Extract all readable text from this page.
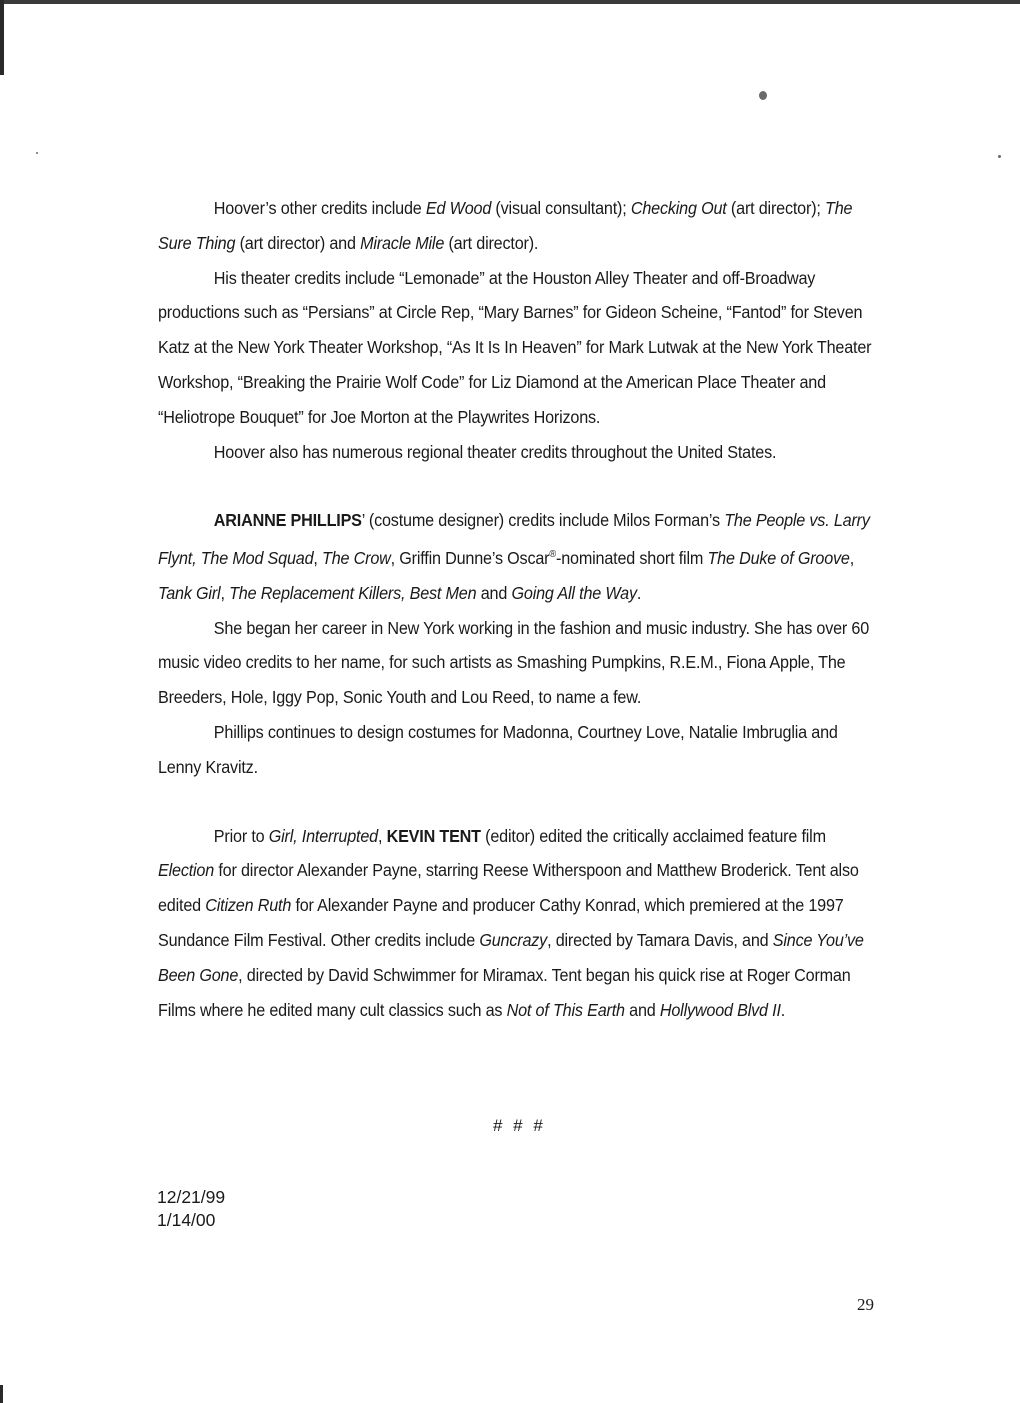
Hoover’s other credits include Ed Wood (visual consultant); Checking Out (art director); The Sure Thing (art director) and Miracle Mile (art director).

His theater credits include “Lemonade” at the Houston Alley Theater and off-Broadway productions such as “Persians” at Circle Rep, “Mary Barnes” for Gideon Scheine, “Fantod” for Steven Katz at the New York Theater Workshop, “As It Is In Heaven” for Mark Lutwak at the New York Theater Workshop, “Breaking the Prairie Wolf Code” for Liz Diamond at the American Place Theater and “Heliotrope Bouquet” for Joe Morton at the Playwrites Horizons.

Hoover also has numerous regional theater credits throughout the United States.

ARIANNE PHILLIPS’ (costume designer) credits include Milos Forman’s The People vs. Larry Flynt, The Mod Squad, The Crow, Griffin Dunne’s Oscar®-nominated short film The Duke of Groove, Tank Girl, The Replacement Killers, Best Men and Going All the Way.

She began her career in New York working in the fashion and music industry. She has over 60 music video credits to her name, for such artists as Smashing Pumpkins, R.E.M., Fiona Apple, The Breeders, Hole, Iggy Pop, Sonic Youth and Lou Reed, to name a few.

Phillips continues to design costumes for Madonna, Courtney Love, Natalie Imbruglia and Lenny Kravitz.

Prior to Girl, Interrupted, KEVIN TENT (editor) edited the critically acclaimed feature film Election for director Alexander Payne, starring Reese Witherspoon and Matthew Broderick. Tent also edited Citizen Ruth for Alexander Payne and producer Cathy Konrad, which premiered at the 1997 Sundance Film Festival. Other credits include Guncrazy, directed by Tamara Davis, and Since You’ve Been Gone, directed by David Schwimmer for Miramax. Tent began his quick rise at Roger Corman Films where he edited many cult classics such as Not of This Earth and Hollywood Blvd II.

# # #
12/21/99
1/14/00
29
